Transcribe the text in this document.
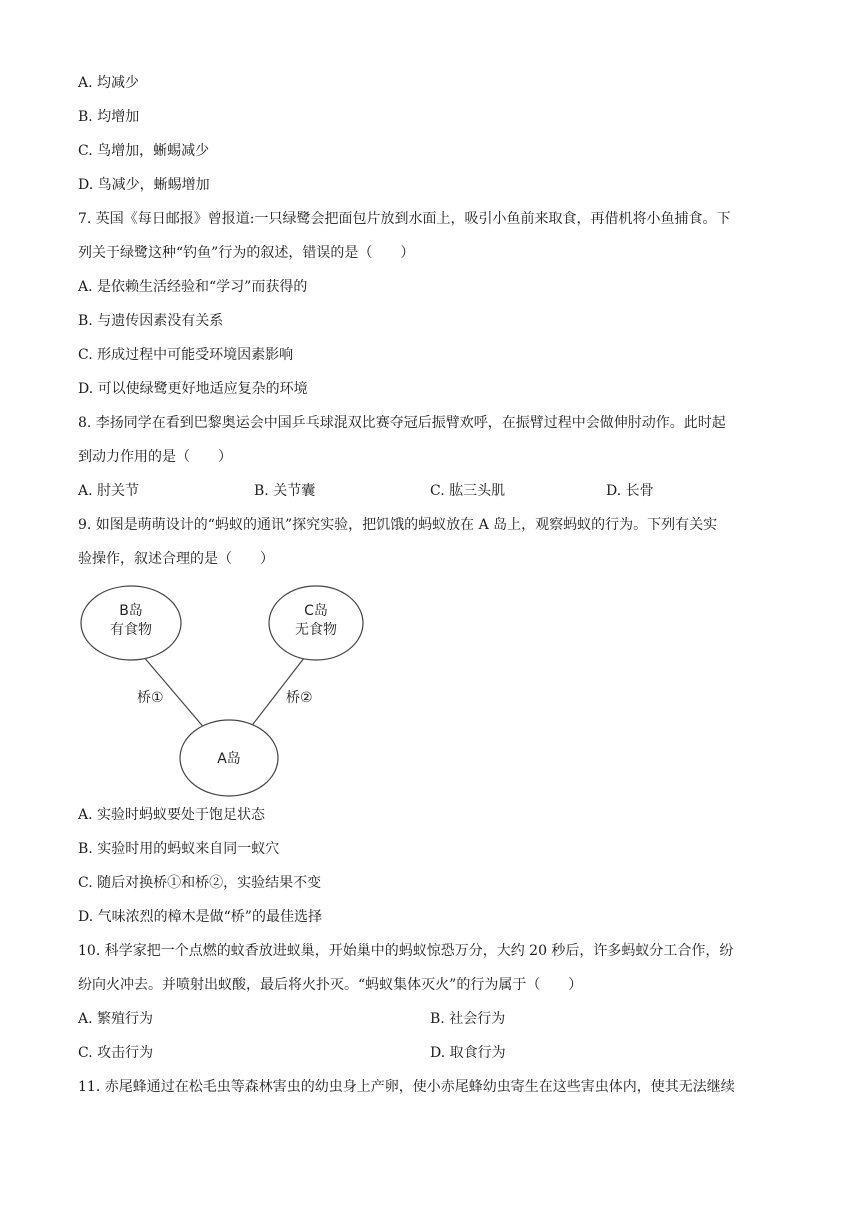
A. 均减少
B. 均增加
C. 鸟增加，蜥蜴减少
D. 鸟减少，蜥蜴增加
7. 英国《每日邮报》曾报道:一只绿鹭会把面包片放到水面上，吸引小鱼前来取食，再借机将小鱼捕食。下
列关于绿鹭这种“钓鱼”行为的叙述，错误的是（　　）
A. 是依赖生活经验和“学习”而获得的
B. 与遗传因素没有关系
C. 形成过程中可能受环境因素影响
D. 可以使绿鹭更好地适应复杂的环境
8. 李扬同学在看到巴黎奥运会中国乒乓球混双比赛夺冠后振臂欢呼，在振臂过程中会做伸肘动作。此时起
到动力作用的是（　　）
A. 肘关节	B. 关节囊	C. 肱三头肌	D. 长骨
9. 如图是萌萌设计的“蚂蚁的通讯”探究实验，把饥饿的蚂蚁放在 A 岛上，观察蚂蚁的行为。下列有关实
验操作，叙述合理的是（　　）
B岛
有食物
C岛
无食物
A岛
桥①	桥②
A. 实验时蚂蚁要处于饱足状态
B. 实验时用的蚂蚁来自同一蚁穴
C. 随后对换桥①和桥②，实验结果不变
D. 气味浓烈的樟木是做“桥”的最佳选择
10. 科学家把一个点燃的蚊香放进蚁巢，开始巢中的蚂蚁惊恐万分，大约 20 秒后，许多蚂蚁分工合作，纷
纷向火冲去。并喷射出蚁酸，最后将火扑灭。“蚂蚁集体灭火”的行为属于（　　）
A. 繁殖行为	B. 社会行为
C. 攻击行为	D. 取食行为
11. 赤尾蜂通过在松毛虫等森林害虫的幼虫身上产卵，使小赤尾蜂幼虫寄生在这些害虫体内，使其无法继续
